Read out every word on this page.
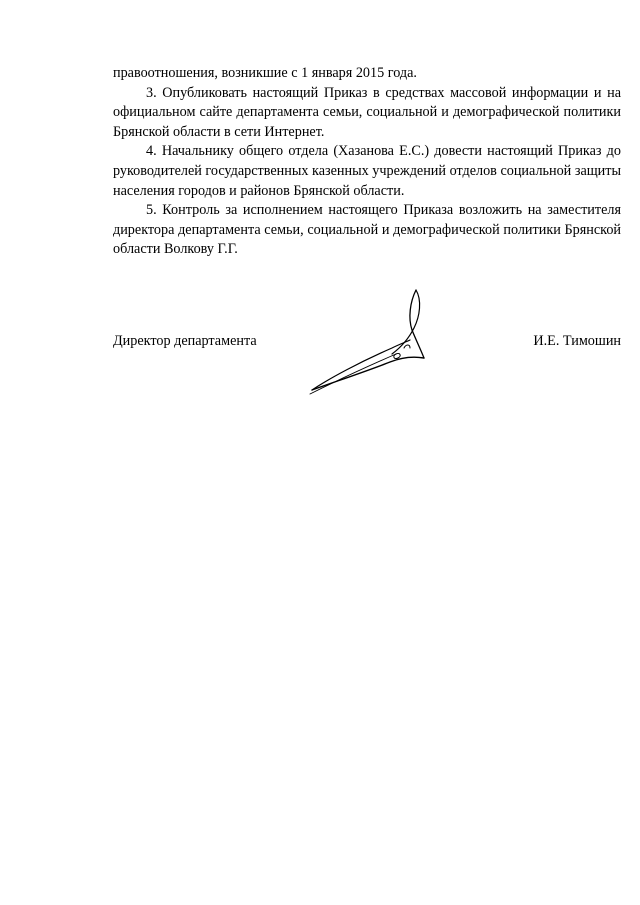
правоотношения, возникшие с 1 января 2015 года.

3. Опубликовать настоящий Приказ в средствах массовой информации и на официальном сайте департамента семьи, социальной и демографической политики Брянской области в сети Интернет.

4. Начальнику общего отдела (Хазанова Е.С.) довести настоящий Приказ до руководителей государственных казенных учреждений отделов социальной защиты населения городов и районов Брянской области.

5. Контроль за исполнением настоящего Приказа возложить на заместителя директора департамента семьи, социальной и демографической политики Брянской области Волкову Г.Г.

Директор департамента	И.Е. Тимошин
